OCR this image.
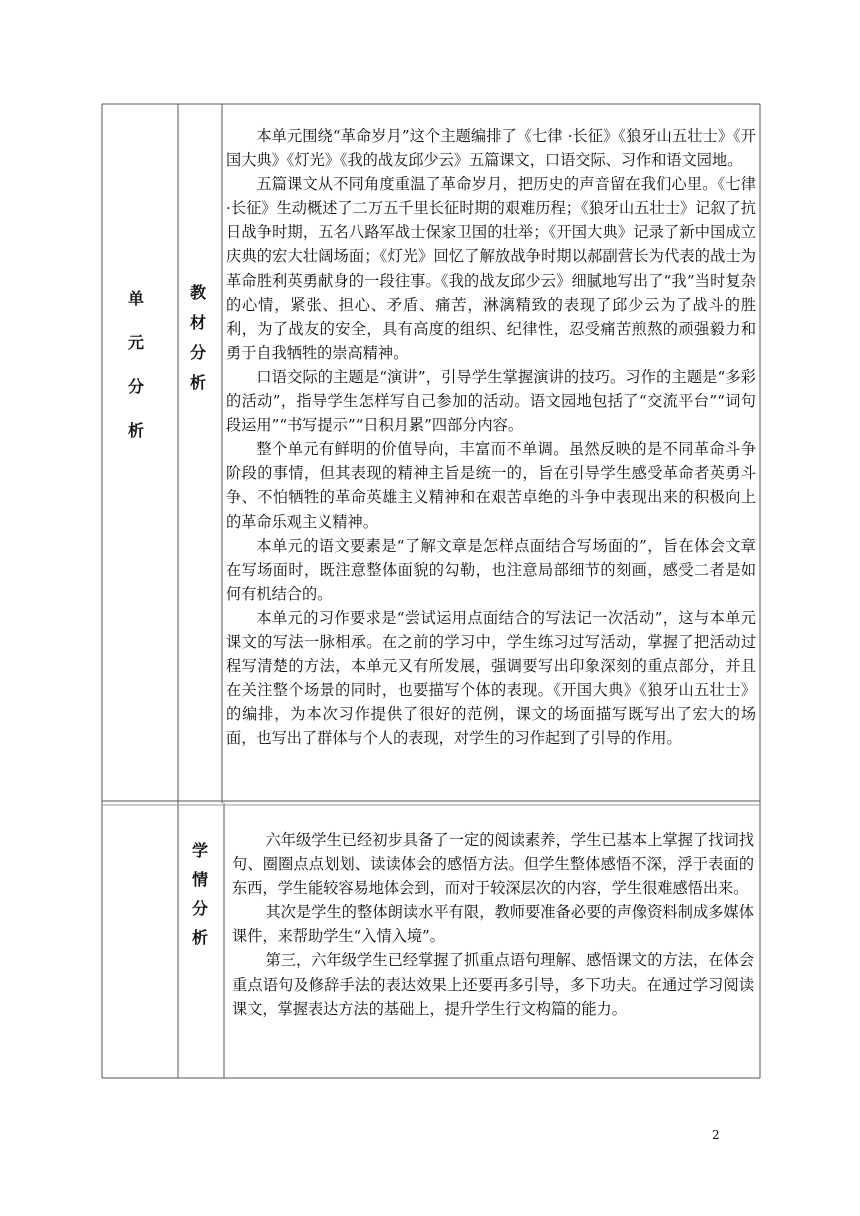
单
元
分
析
教
材
分
析

本单元围绕“革命岁月”这个主题编排了《七律 ·长征》《狼牙山五壮士》《开国大典》《灯光》《我的战友邱少云》五篇课文，口语交际、习作和语文园地。

五篇课文从不同角度重温了革命岁月，把历史的声音留在我们心里。《七律 ·长征》生动概述了二万五千里长征时期的艰难历程；《狼牙山五壮士》记叙了抗日战争时期，五名八路军战士保家卫国的壮举；《开国大典》记录了新中国成立庆典的宏大壮阔场面；《灯光》回忆了解放战争时期以郝副营长为代表的战士为革命胜利英勇献身的一段往事。《我的战友邱少云》细腻地写出了“我”当时复杂的心情，紧张、担心、矛盾、痛苦，淋漓精致的表现了邱少云为了战斗的胜利，为了战友的安全，具有高度的组织、纪律性，忍受痛苦煎熬的顽强毅力和勇于自我牺牲的崇高精神。

口语交际的主题是“演讲”，引导学生掌握演讲的技巧。习作的主题是“多彩的活动”，指导学生怎样写自己参加的活动。语文园地包括了“交流平台”“词句段运用”“书写提示”“日积月累”四部分内容。

整个单元有鲜明的价值导向，丰富而不单调。虽然反映的是不同革命斗争阶段的事情，但其表现的精神主旨是统一的，旨在引导学生感受革命者英勇斗争、不怕牺牲的革命英雄主义精神和在艰苦卓绝的斗争中表现出来的积极向上的革命乐观主义精神。

本单元的语文要素是“了解文章是怎样点面结合写场面的”，旨在体会文章在写场面时，既注意整体面貌的勾勒，也注意局部细节的刻画，感受二者是如何有机结合的。

本单元的习作要求是“尝试运用点面结合的写法记一次活动”，这与本单元课文的写法一脉相承。在之前的学习中，学生练习过写活动，掌握了把活动过程写清楚的方法，本单元又有所发展，强调要写出印象深刻的重点部分，并且在关注整个场景的同时，也要描写个体的表现。《开国大典》《狼牙山五壮士》的编排，为本次习作提供了很好的范例，课文的场面描写既写出了宏大的场面，也写出了群体与个人的表现，对学生的习作起到了引导的作用。

学
情
分
析

六年级学生已经初步具备了一定的阅读素养，学生已基本上掌握了找词找句、圈圈点点划划、读读体会的感悟方法。但学生整体感悟不深，浮于表面的东西，学生能较容易地体会到，而对于较深层次的内容，学生很难感悟出来。

其次是学生的整体朗读水平有限，教师要准备必要的声像资料制成多媒体课件，来帮助学生“入情入境”。

第三，六年级学生已经掌握了抓重点语句理解、感悟课文的方法，在体会重点语句及修辞手法的表达效果上还要再多引导，多下功夫。在通过学习阅读课文，掌握表达方法的基础上，提升学生行文构篇的能力。

2
